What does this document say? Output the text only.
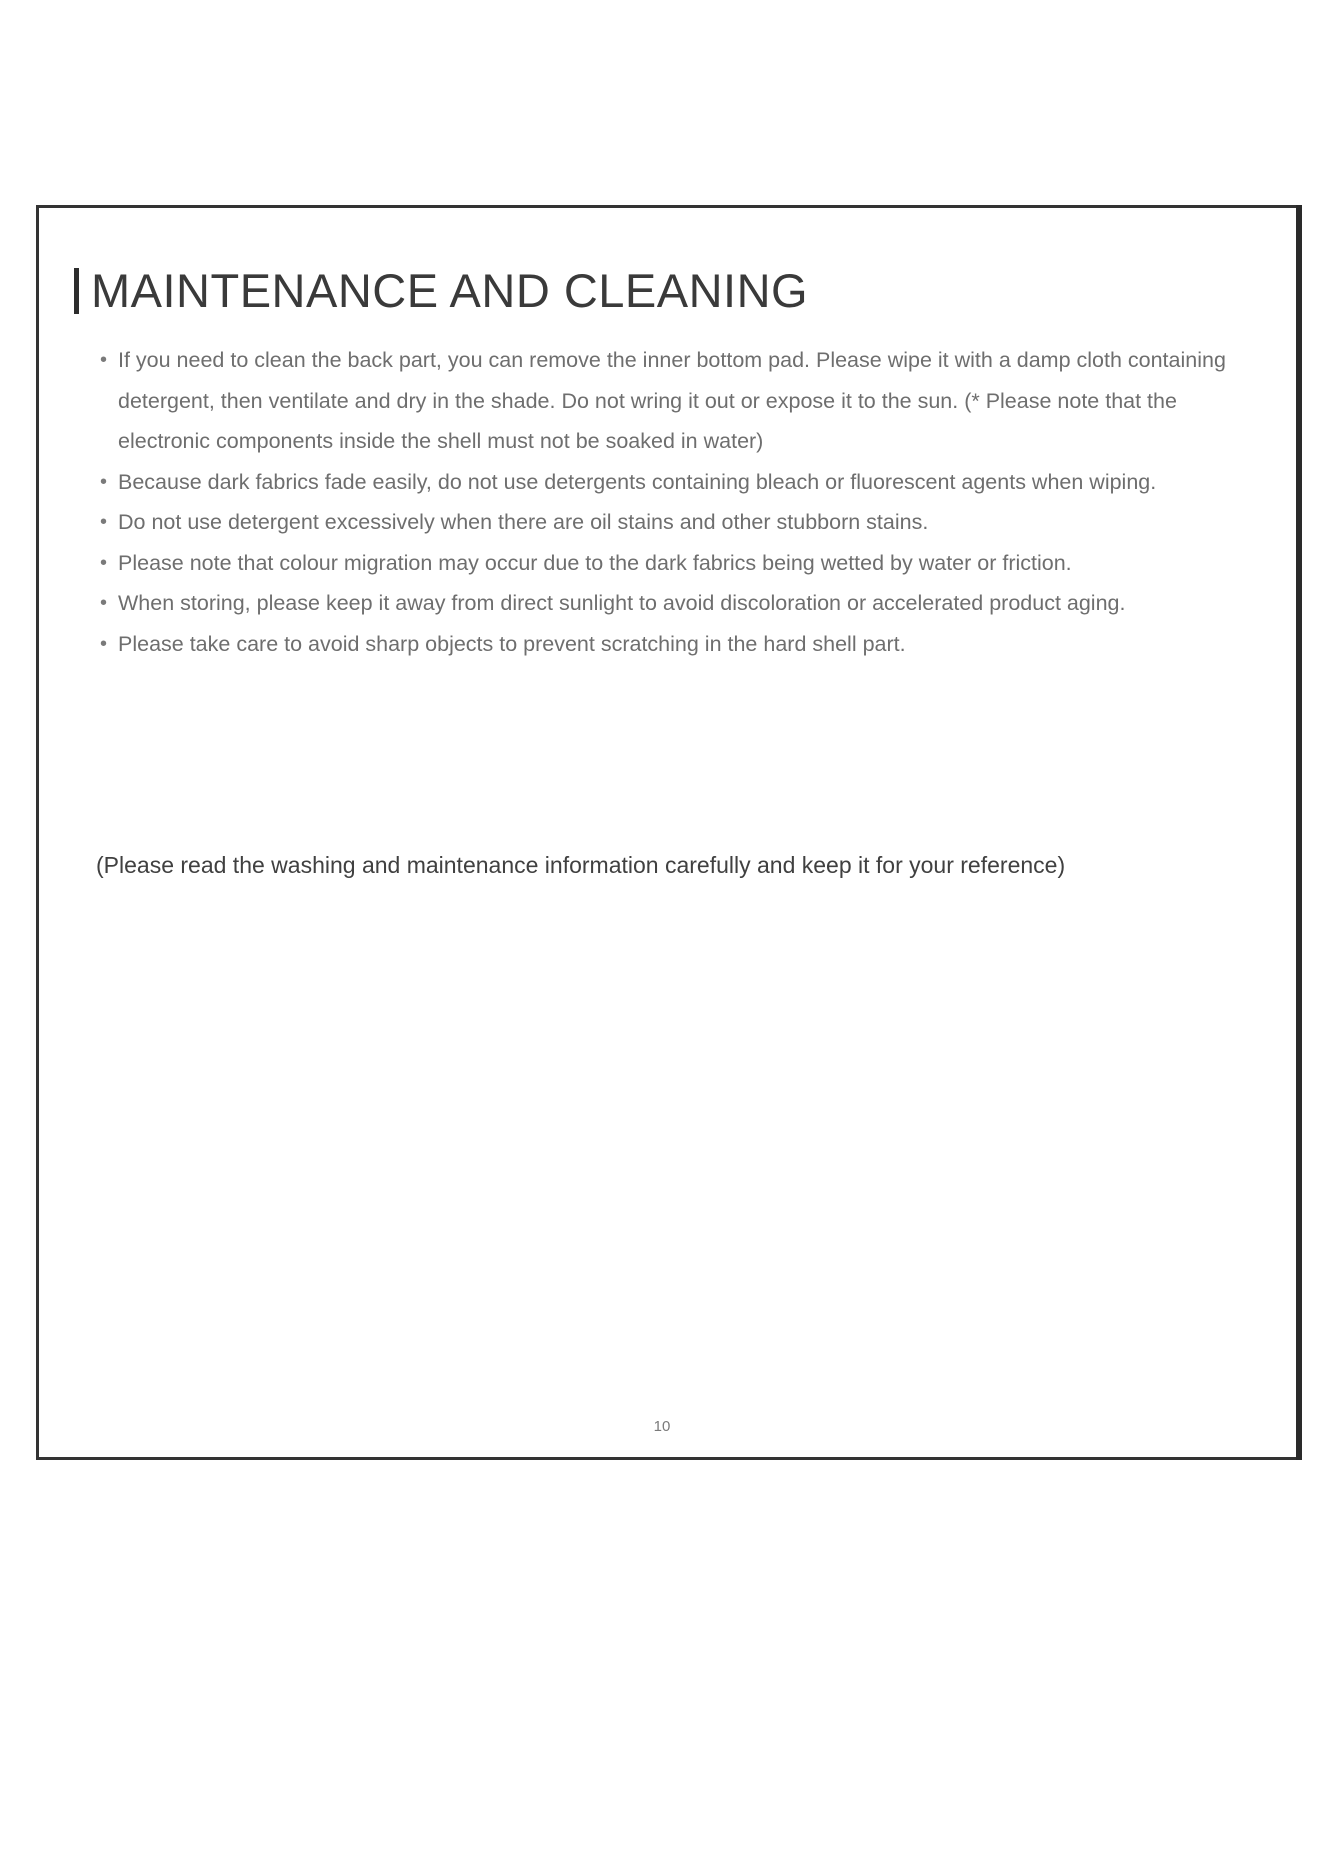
MAINTENANCE AND CLEANING
• If you need to clean the back part, you can remove the inner bottom pad. Please wipe it with a damp cloth containing detergent, then ventilate and dry in the shade. Do not wring it out or expose it to the sun. (* Please note that the electronic components inside the shell must not be soaked in water)
• Because dark fabrics fade easily, do not use detergents containing bleach or fluorescent agents when wiping.
• Do not use detergent excessively when there are oil stains and other stubborn stains.
• Please note that colour migration may occur due to the dark fabrics being wetted by water or friction.
• When storing, please keep it away from direct sunlight to avoid discoloration or accelerated product aging.
• Please take care to avoid sharp objects to prevent scratching in the hard shell part.
(Please read the washing and maintenance information carefully and keep it for your reference)
10
